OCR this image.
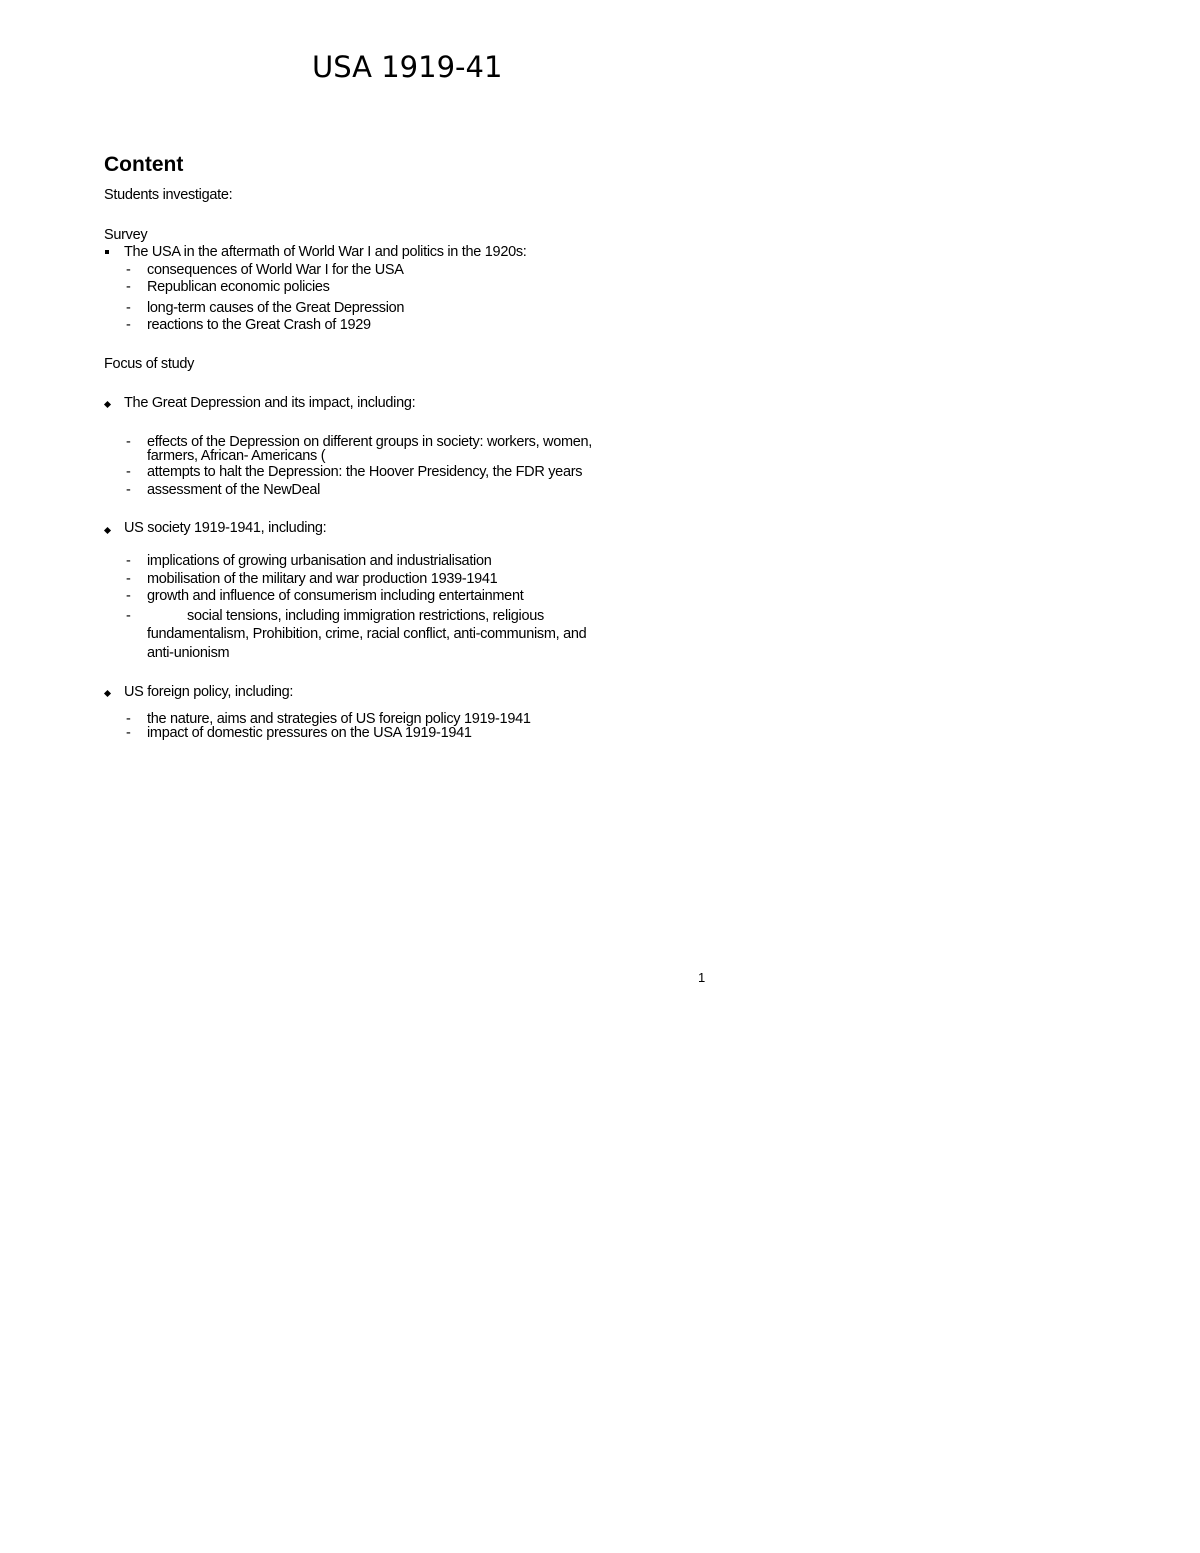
USA 1919-41
Content
Students investigate:
Survey
The USA in the aftermath of World War I and politics in the 1920s:
- consequences of World War I for the USA
- Republican economic policies
- long-term causes of the Great Depression
- reactions to the Great Crash of 1929
Focus of study
The Great Depression and its impact, including:
- effects of the Depression on different groups in society: workers, women,
farmers, African- Americans (
- attempts to halt the Depression: the Hoover Presidency, the FDR years
- assessment of the NewDeal
US society 1919-1941, including:
- implications of growing urbanisation and industrialisation
- mobilisation of the military and war production 1939-1941
- growth and influence of consumerism including entertainment
-	social tensions, including immigration restrictions, religious
fundamentalism, Prohibition, crime, racial conflict, anti-communism, and
anti-unionism
US foreign policy, including:
- the nature, aims and strategies of US foreign policy 1919-1941
- impact of domestic pressures on the USA 1919-1941
1
